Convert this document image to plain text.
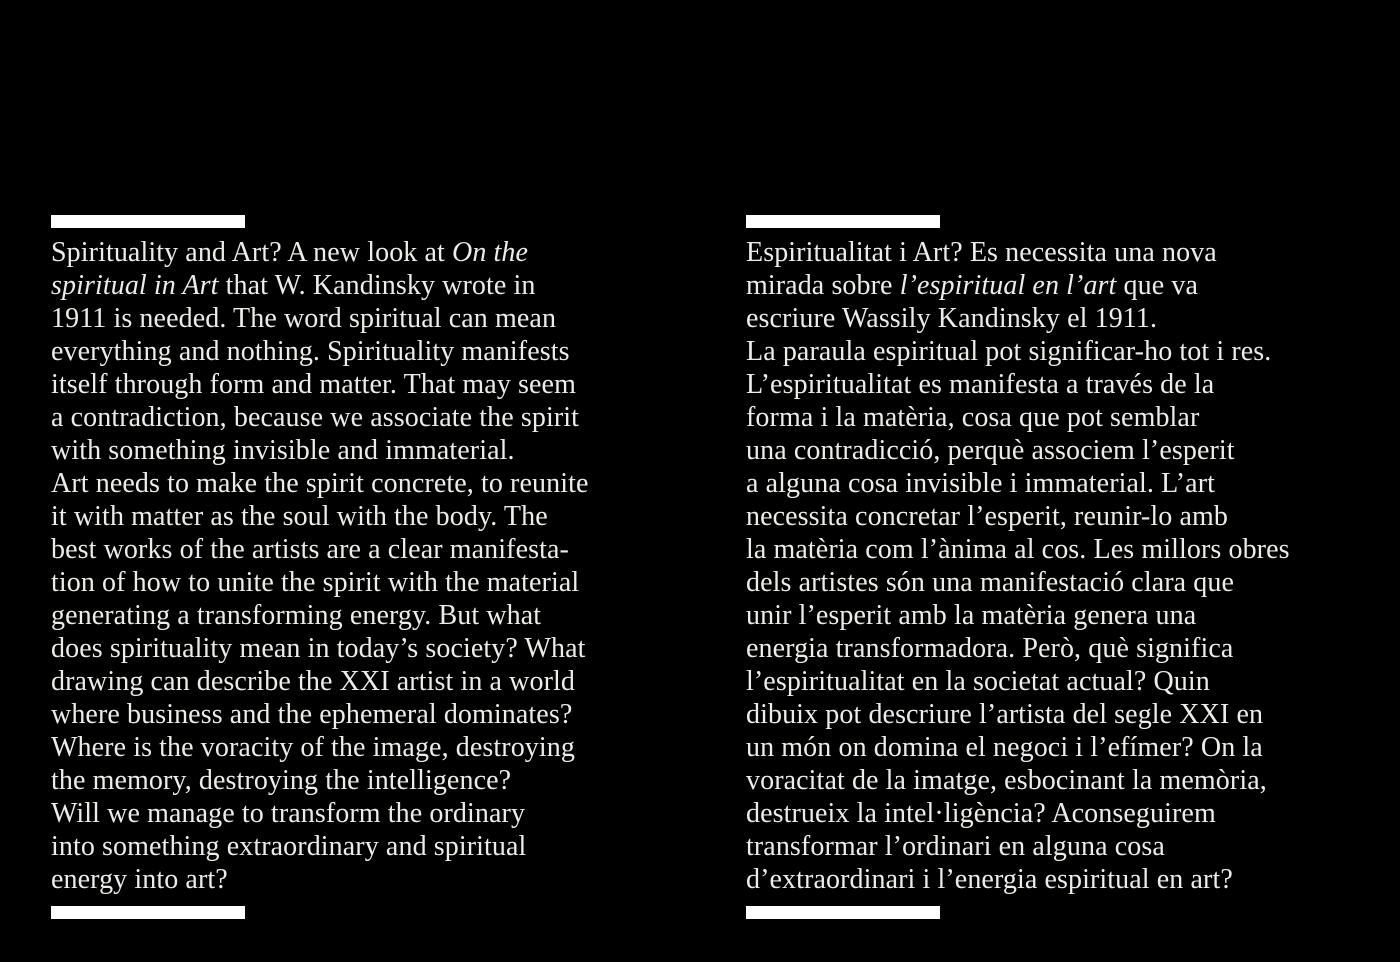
Spirituality and Art? A new look at On the
spiritual in Art that W. Kandinsky wrote in
1911 is needed. The word spiritual can mean
everything and nothing. Spirituality manifests
itself through form and matter. That may seem
a contradiction, because we associate the spirit
with something invisible and immaterial.
Art needs to make the spirit concrete, to reunite
it with matter as the soul with the body. The
best works of the artists are a clear manifesta-
tion of how to unite the spirit with the material
generating a transforming energy. But what
does spirituality mean in today’s society? What
drawing can describe the XXI artist in a world
where business and the ephemeral dominates?
Where is the voracity of the image, destroying
the memory, destroying the intelligence?
Will we manage to transform the ordinary
into something extraordinary and spiritual
energy into art?
Espiritualitat i Art? Es necessita una nova
mirada sobre l’espiritual en l’art que va
escriure Wassily Kandinsky el 1911.
La paraula espiritual pot significar-ho tot i res.
L’espiritualitat es manifesta a través de la
forma i la matèria, cosa que pot semblar
una contradicció, perquè associem l’esperit
a alguna cosa invisible i immaterial. L’art
necessita concretar l’esperit, reunir-lo amb
la matèria com l’ànima al cos. Les millors obres
dels artistes són una manifestació clara que
unir l’esperit amb la matèria genera una
energia transformadora. Però, què significa
l’espiritualitat en la societat actual? Quin
dibuix pot descriure l’artista del segle XXI en
un món on domina el negoci i l’efímer? On la
voracitat de la imatge, esbocinant la memòria,
destrueix la intel·ligència? Aconseguirem
transformar l’ordinari en alguna cosa
d’extraordinari i l’energia espiritual en art?
